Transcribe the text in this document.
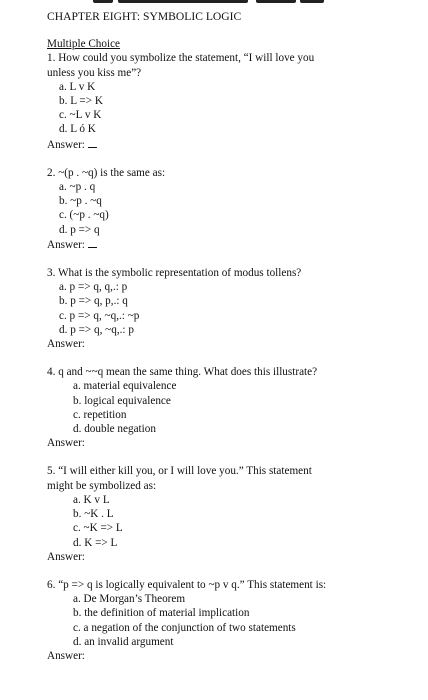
CHAPTER EIGHT: SYMBOLIC LOGIC
Multiple Choice
1. How could you symbolize the statement, “I will love you
unless you kiss me”?
a. L v K
b. L => K
c. ~L v K
d. L ó K
Answer:
2. ~(p . ~q) is the same as:
a. ~p . q
b. ~p . ~q
c. (~p . ~q)
d. p => q
Answer:
3. What is the symbolic representation of modus tollens?
a. p => q, q,.: p
b. p => q, p,.: q
c. p => q, ~q,.: ~p
d. p => q, ~q,.: p
Answer:
4. q and ~~q mean the same thing. What does this illustrate?
a. material equivalence
b. logical equivalence
c. repetition
d. double negation
Answer:
5. “I will either kill you, or I will love you.” This statement
might be symbolized as:
a. K v L
b. ~K . L
c. ~K => L
d. K => L
Answer:
6. “p => q is logically equivalent to ~p v q.” This statement is:
a. De Morgan’s Theorem
b. the definition of material implication
c. a negation of the conjunction of two statements
d. an invalid argument
Answer:
